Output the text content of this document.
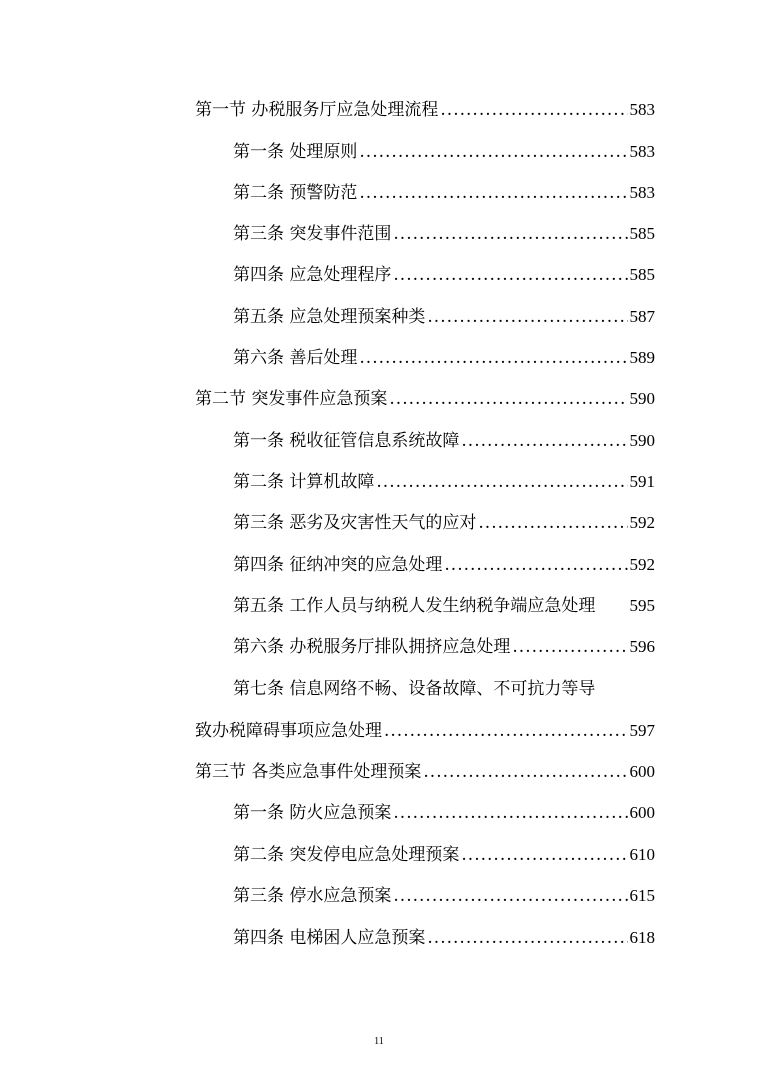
第一节 办税服务厅应急处理流程 .....	583
第一条 处理原则 .....	583
第二条 预警防范 .....	583
第三条 突发事件范围 .....	585
第四条 应急处理程序 .....	585
第五条 应急处理预案种类 .....	587
第六条 善后处理 .....	589
第二节 突发事件应急预案 .....	590
第一条 税收征管信息系统故障 .....	590
第二条 计算机故障 .....	591
第三条 恶劣及灾害性天气的应对 .....	592
第四条 征纳冲突的应急处理 .....	592
第五条 工作人员与纳税人发生纳税争端应急处理 595
第六条 办税服务厅排队拥挤应急处理 .....	596
第七条 信息网络不畅、设备故障、不可抗力等导
致办税障碍事项应急处理 .....	597
第三节 各类应急事件处理预案 .....	600
第一条 防火应急预案 .....	600
第二条 突发停电应急处理预案 .....	610
第三条 停水应急预案 .....	615
第四条 电梯困人应急预案 .....	618
11
